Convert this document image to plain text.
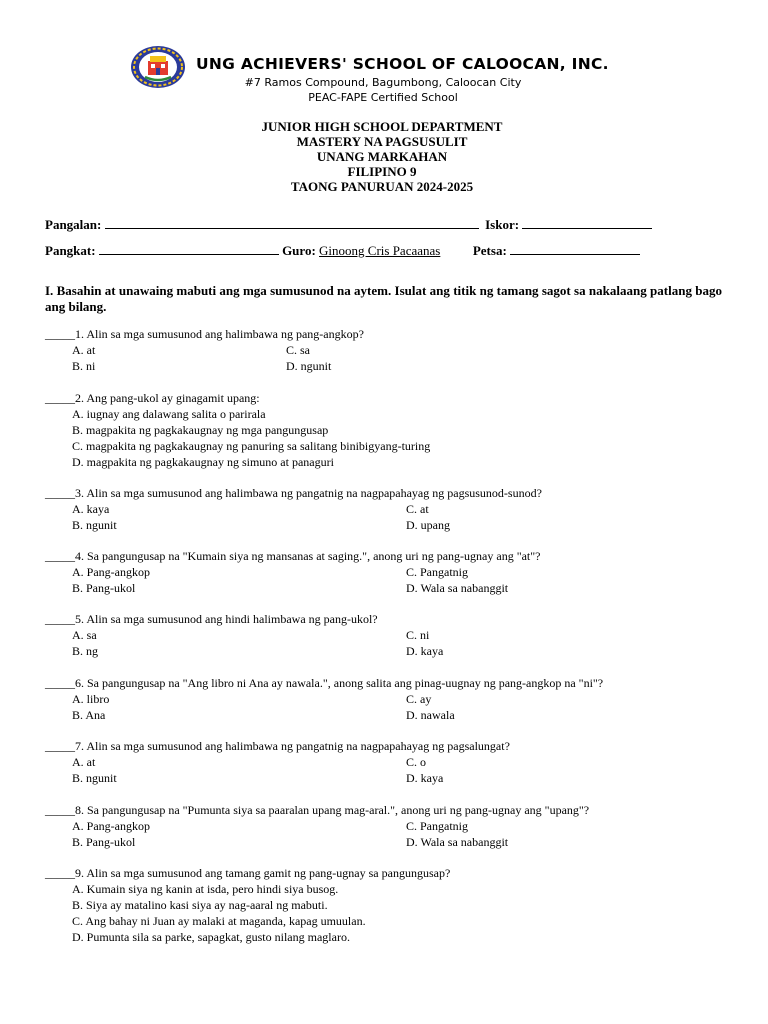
UNG ACHIEVERS' SCHOOL OF CALOOCAN, INC.
#7 Ramos Compound, Bagumbong, Caloocan City
PEAC-FAPE Certified School
JUNIOR HIGH SCHOOL DEPARTMENT
MASTERY NA PAGSUSULIT
UNANG MARKAHAN
FILIPINO 9
TAONG PANURUAN 2024-2025
Pangalan:	Iskor:
Pangkat:	Guro: Ginoong Cris Pacaanas	Petsa:
I. Basahin at unawaing mabuti ang mga sumusunod na aytem. Isulat ang titik ng tamang sagot sa nakalaang patlang bago ang bilang.
_____1. Alin sa mga sumusunod ang halimbawa ng pang-angkop?
A. at	C. sa
B. ni	D. ngunit
_____2. Ang pang-ukol ay ginagamit upang:
A. iugnay ang dalawang salita o parirala
B. magpakita ng pagkakaugnay ng mga pangungusap
C. magpakita ng pagkakaugnay ng panuring sa salitang binibigyang-turing
D. magpakita ng pagkakaugnay ng simuno at panaguri
_____3. Alin sa mga sumusunod ang halimbawa ng pangatnig na nagpapahayag ng pagsusunod-sunod?
A. kaya	C. at
B. ngunit	D. upang
_____4. Sa pangungusap na "Kumain siya ng mansanas at saging.", anong uri ng pang-ugnay ang "at"?
A. Pang-angkop	C. Pangatnig
B. Pang-ukol	D. Wala sa nabanggit
_____5. Alin sa mga sumusunod ang hindi halimbawa ng pang-ukol?
A. sa	C. ni
B. ng	D. kaya
_____6. Sa pangungusap na "Ang libro ni Ana ay nawala.", anong salita ang pinag-uugnay ng pang-angkop na "ni"?
A. libro	C. ay
B. Ana	D. nawala
_____7. Alin sa mga sumusunod ang halimbawa ng pangatnig na nagpapahayag ng pagsalungat?
A. at	C. o
B. ngunit	D. kaya
_____8. Sa pangungusap na "Pumunta siya sa paaralan upang mag-aral.", anong uri ng pang-ugnay ang "upang"?
A. Pang-angkop	C. Pangatnig
B. Pang-ukol	D. Wala sa nabanggit
_____9. Alin sa mga sumusunod ang tamang gamit ng pang-ugnay sa pangungusap?
A. Kumain siya ng kanin at isda, pero hindi siya busog.
B. Siya ay matalino kasi siya ay nag-aaral ng mabuti.
C. Ang bahay ni Juan ay malaki at maganda, kapag umuulan.
D. Pumunta sila sa parke, sapagkat, gusto nilang maglaro.
